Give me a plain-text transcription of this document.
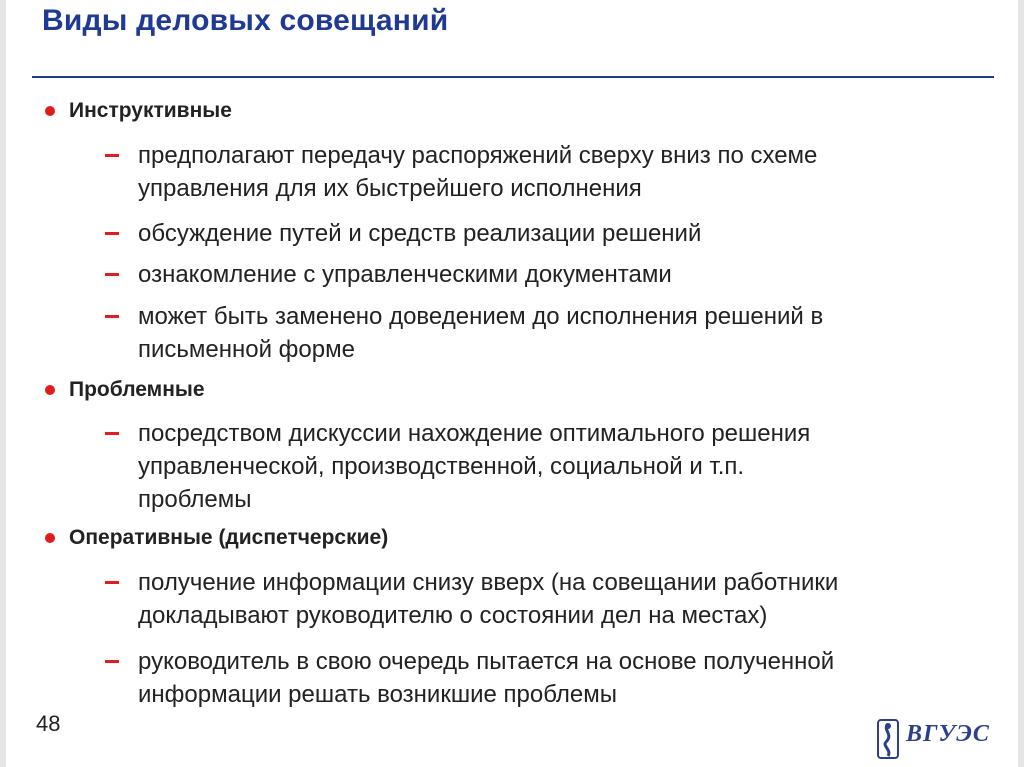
Виды деловых совещаний
Инструктивные
предполагают передачу распоряжений сверху вниз по схеме
управления для их быстрейшего исполнения
обсуждение путей и средств реализации решений
ознакомление с управленческими документами
может быть заменено доведением до исполнения решений в
письменной форме
Проблемные
посредством дискуссии нахождение оптимального решения
управленческой, производственной, социальной и т.п.
проблемы
Оперативные (диспетчерские)
получение информации снизу вверх (на совещании работники
докладывают руководителю о состоянии дел на местах)
руководитель в свою очередь пытается на основе полученной
информации решать возникшие проблемы
48	ВГУЭС
